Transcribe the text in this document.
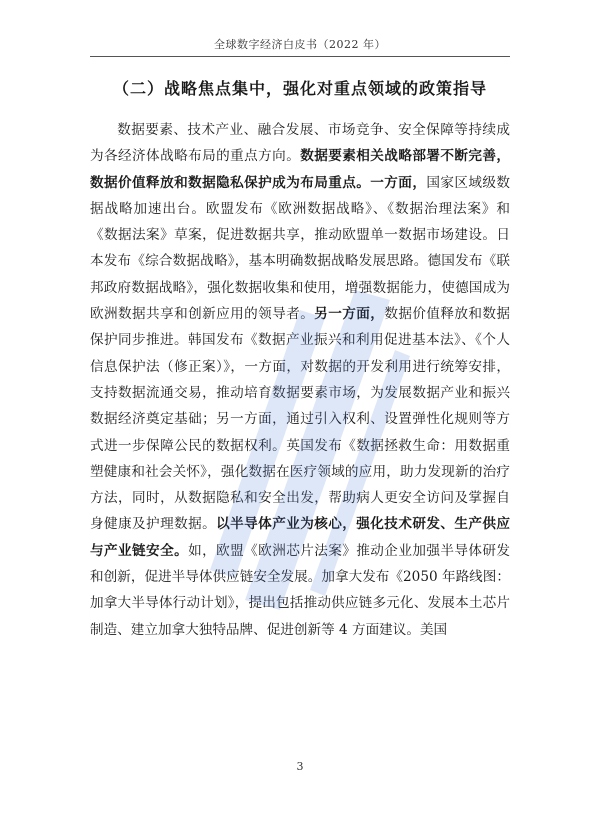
全球数字经济白皮书（2022 年）
（二）战略焦点集中，强化对重点领域的政策指导
数据要素、技术产业、融合发展、市场竞争、安全保障等持续成为各经济体战略布局的重点方向。数据要素相关战略部署不断完善，数据价值释放和数据隐私保护成为布局重点。一方面，国家区域级数据战略加速出台。欧盟发布《欧洲数据战略》、《数据治理法案》和《数据法案》草案，促进数据共享，推动欧盟单一数据市场建设。日本发布《综合数据战略》，基本明确数据战略发展思路。德国发布《联邦政府数据战略》，强化数据收集和使用，增强数据能力，使德国成为欧洲数据共享和创新应用的领导者。另一方面，数据价值释放和数据保护同步推进。韩国发布《数据产业振兴和利用促进基本法》、《个人信息保护法（修正案）》，一方面，对数据的开发利用进行统筹安排，支持数据流通交易，推动培育数据要素市场，为发展数据产业和振兴数据经济奠定基础；另一方面，通过引入权利、设置弹性化规则等方式进一步保障公民的数据权利。英国发布《数据拯救生命：用数据重塑健康和社会关怀》，强化数据在医疗领域的应用，助力发现新的治疗方法，同时，从数据隐私和安全出发，帮助病人更安全访问及掌握自身健康及护理数据。以半导体产业为核心，强化技术研发、生产供应与产业链安全。如，欧盟《欧洲芯片法案》推动企业加强半导体研发和创新，促进半导体供应链安全发展。加拿大发布《2050 年路线图：加拿大半导体行动计划》，提出包括推动供应链多元化、发展本土芯片制造、建立加拿大独特品牌、促进创新等 4 方面建议。美国
3
